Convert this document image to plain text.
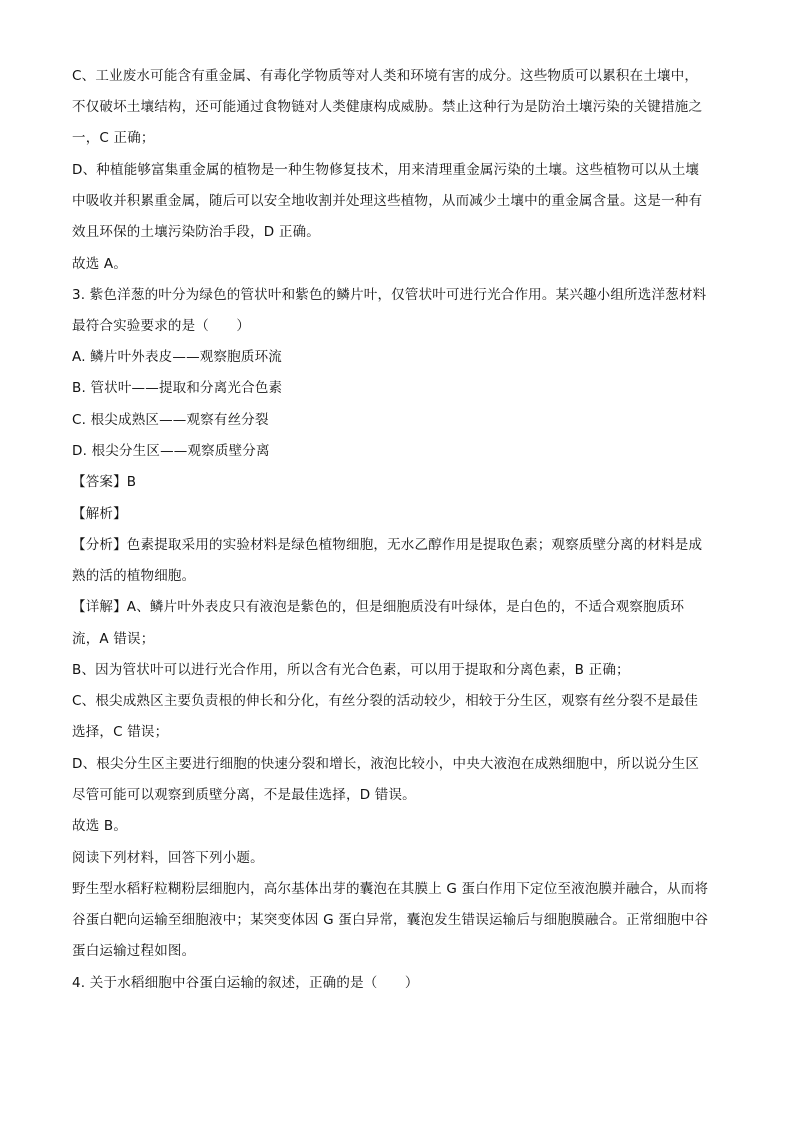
C、工业废水可能含有重金属、有毒化学物质等对人类和环境有害的成分。这些物质可以累积在土壤中，
不仅破坏土壤结构，还可能通过食物链对人类健康构成威胁。禁止这种行为是防治土壤污染的关键措施之
一，C 正确；
D、种植能够富集重金属的植物是一种生物修复技术，用来清理重金属污染的土壤。这些植物可以从土壤
中吸收并积累重金属，随后可以安全地收割并处理这些植物，从而减少土壤中的重金属含量。这是一种有
效且环保的土壤污染防治手段，D 正确。
故选 A。
3. 紫色洋葱的叶分为绿色的管状叶和紫色的鳞片叶，仅管状叶可进行光合作用。某兴趣小组所选洋葱材料
最符合实验要求的是（　　）
A. 鳞片叶外表皮——观察胞质环流
B. 管状叶——提取和分离光合色素
C. 根尖成熟区——观察有丝分裂
D. 根尖分生区——观察质壁分离
【答案】B
【解析】
【分析】色素提取采用的实验材料是绿色植物细胞，无水乙醇作用是提取色素；观察质壁分离的材料是成
熟的活的植物细胞。
【详解】A、鳞片叶外表皮只有液泡是紫色的，但是细胞质没有叶绿体，是白色的，不适合观察胞质环
流，A 错误；
B、因为管状叶可以进行光合作用，所以含有光合色素，可以用于提取和分离色素，B 正确；
C、根尖成熟区主要负责根的伸长和分化，有丝分裂的活动较少，相较于分生区，观察有丝分裂不是最佳
选择，C 错误；
D、根尖分生区主要进行细胞的快速分裂和增长，液泡比较小，中央大液泡在成熟细胞中，所以说分生区
尽管可能可以观察到质壁分离，不是最佳选择，D 错误。
故选 B。
阅读下列材料，回答下列小题。
野生型水稻籽粒糊粉层细胞内，高尔基体出芽的囊泡在其膜上 G 蛋白作用下定位至液泡膜并融合，从而将
谷蛋白靶向运输至细胞液中；某突变体因 G 蛋白异常，囊泡发生错误运输后与细胞膜融合。正常细胞中谷
蛋白运输过程如图。
4. 关于水稻细胞中谷蛋白运输的叙述，正确的是（　　）
